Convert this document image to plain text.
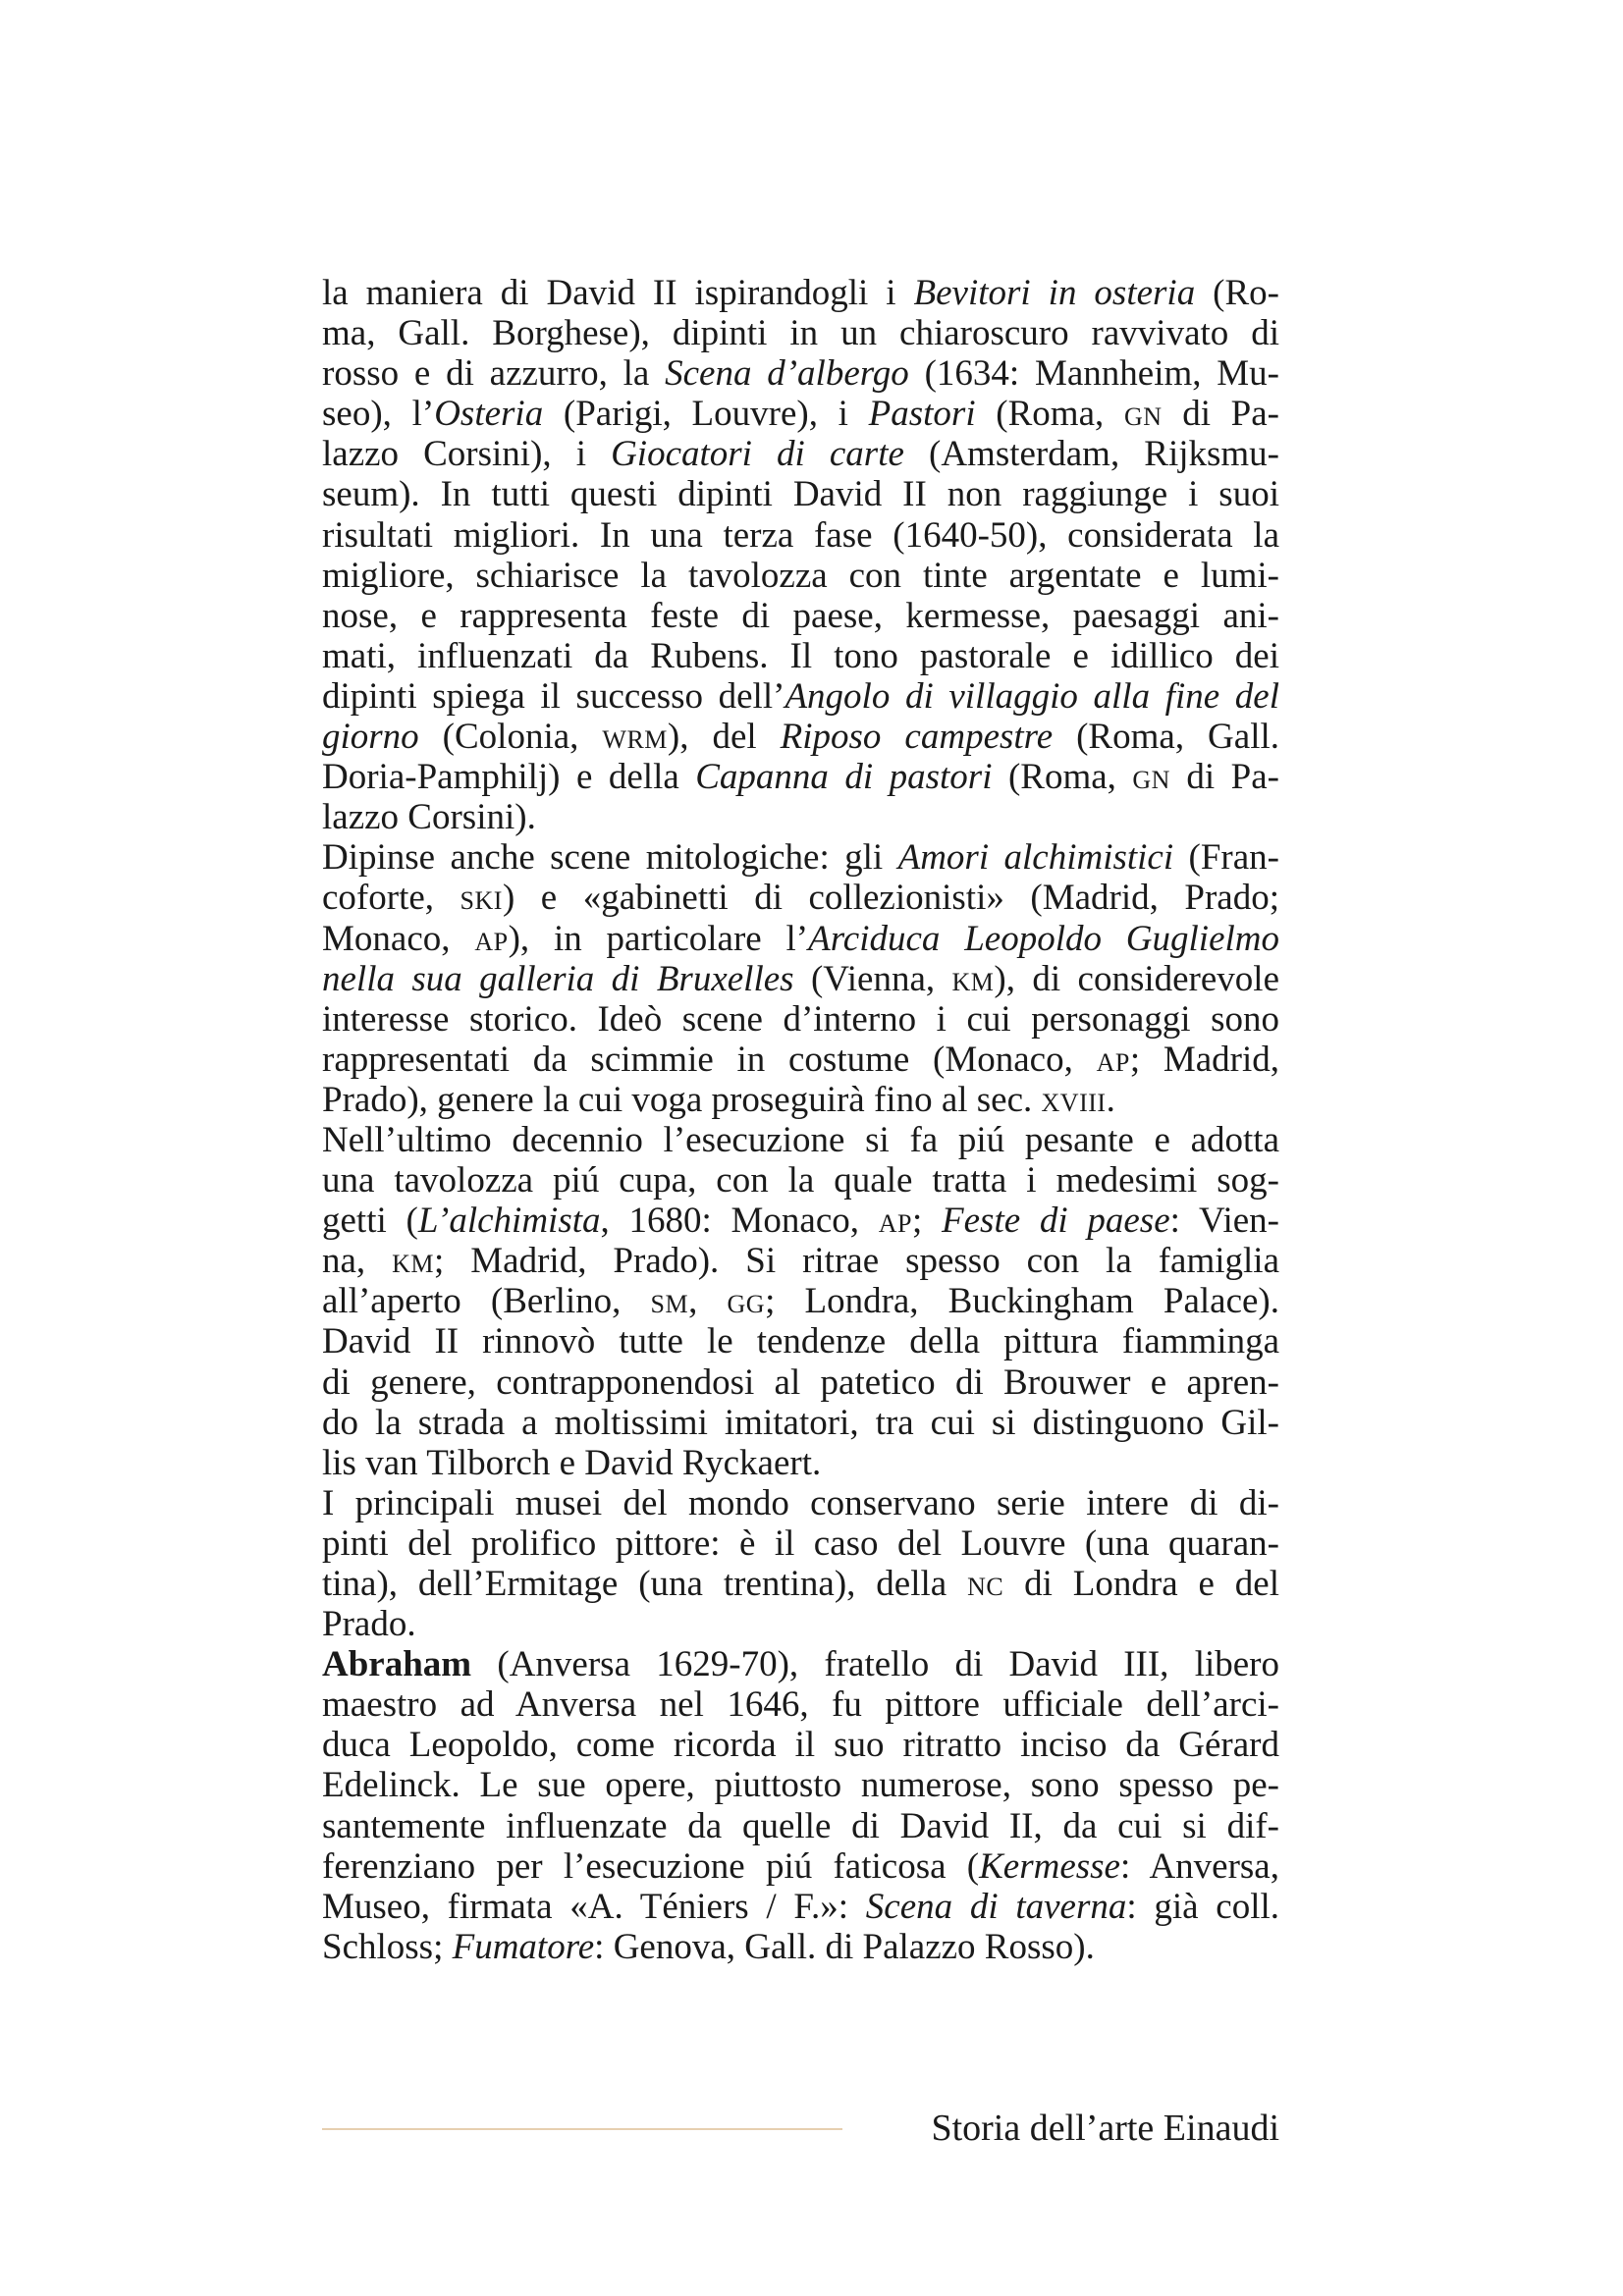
la maniera di David II ispirandogli i Bevitori in osteria (Ro-
ma, Gall. Borghese), dipinti in un chiaroscuro ravvivato di
rosso e di azzurro, la Scena d’albergo (1634: Mannheim, Mu-
seo), l’Osteria (Parigi, Louvre), i Pastori (Roma, gn di Pa-
lazzo Corsini), i Giocatori di carte (Amsterdam, Rijksmu-
seum). In tutti questi dipinti David II non raggiunge i suoi
risultati migliori. In una terza fase (1640-50), considerata la
migliore, schiarisce la tavolozza con tinte argentate e lumi-
nose, e rappresenta feste di paese, kermesse, paesaggi ani-
mati, influenzati da Rubens. Il tono pastorale e idillico dei
dipinti spiega il successo dell’Angolo di villaggio alla fine del
giorno (Colonia, wrm), del Riposo campestre (Roma, Gall.
Doria-Pamphilj) e della Capanna di pastori (Roma, gn di Pa-
lazzo Corsini).
Dipinse anche scene mitologiche: gli Amori alchimistici (Fran-
coforte, ski) e «gabinetti di collezionisti» (Madrid, Prado;
Monaco, ap), in particolare l’Arciduca Leopoldo Guglielmo
nella sua galleria di Bruxelles (Vienna, km), di considerevole
interesse storico. Ideò scene d’interno i cui personaggi sono
rappresentati da scimmie in costume (Monaco, ap; Madrid,
Prado), genere la cui voga proseguirà fino al sec. xviii.
Nell’ultimo decennio l’esecuzione si fa piú pesante e adotta
una tavolozza piú cupa, con la quale tratta i medesimi sog-
getti (L’alchimista, 1680: Monaco, ap; Feste di paese: Vien-
na, km; Madrid, Prado). Si ritrae spesso con la famiglia
all’aperto (Berlino, sm, gg; Londra, Buckingham Palace).
David II rinnovò tutte le tendenze della pittura fiamminga
di genere, contrapponendosi al patetico di Brouwer e apren-
do la strada a moltissimi imitatori, tra cui si distinguono Gil-
lis van Tilborch e David Ryckaert.
I principali musei del mondo conservano serie intere di di-
pinti del prolifico pittore: è il caso del Louvre (una quaran-
tina), dell’Ermitage (una trentina), della nc di Londra e del
Prado.
Abraham (Anversa 1629-70), fratello di David III, libero
maestro ad Anversa nel 1646, fu pittore ufficiale dell’arci-
duca Leopoldo, come ricorda il suo ritratto inciso da Gérard
Edelinck. Le sue opere, piuttosto numerose, sono spesso pe-
santemente influenzate da quelle di David II, da cui si dif-
ferenziano per l’esecuzione piú faticosa (Kermesse: Anversa,
Museo, firmata «A. Téniers / F.»: Scena di taverna: già coll.
Schloss; Fumatore: Genova, Gall. di Palazzo Rosso).
Storia dell’arte Einaudi
